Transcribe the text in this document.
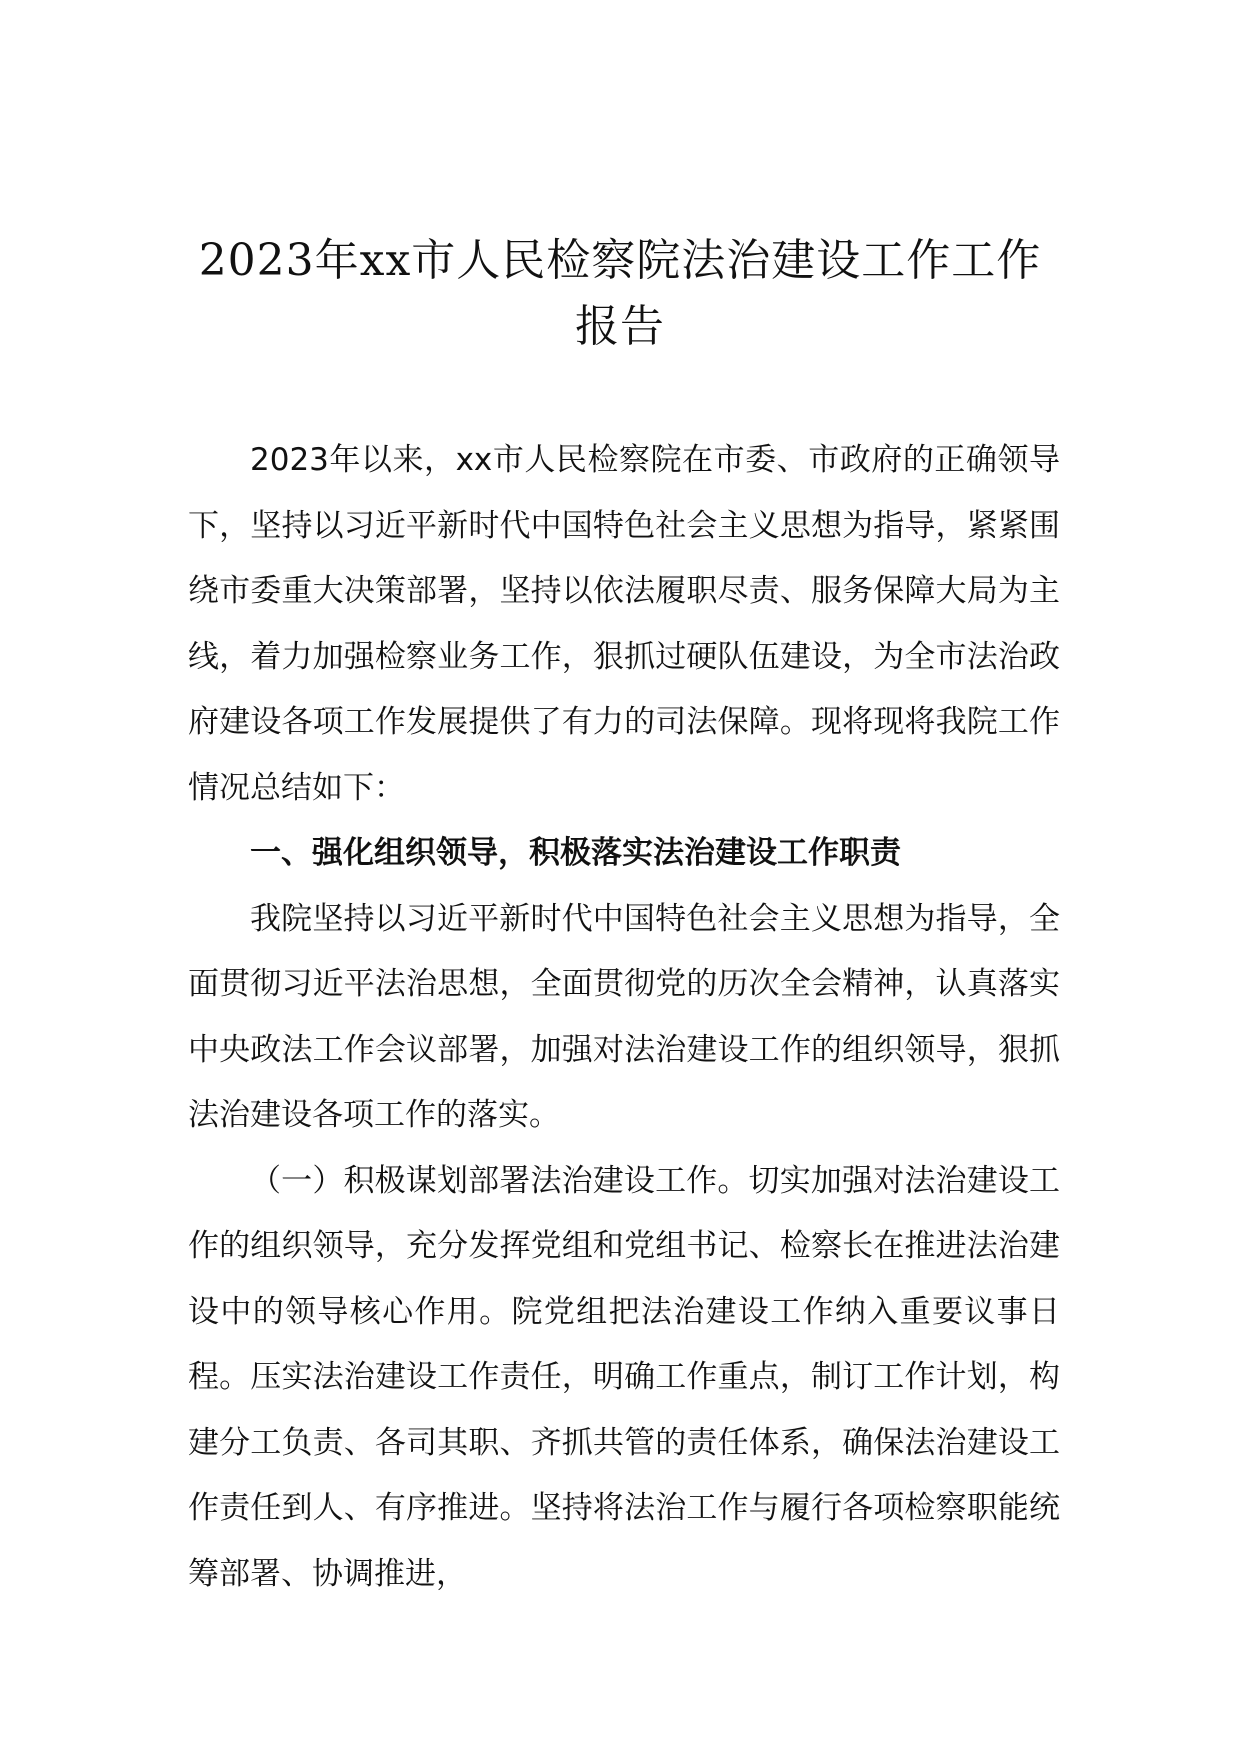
2023年xx市人民检察院法治建设工作工作
报告

2023年以来，xx市人民检察院在市委、市政府的正确领导下，坚持以习近平新时代中国特色社会主义思想为指导，紧紧围绕市委重大决策部署，坚持以依法履职尽责、服务保障大局为主线，着力加强检察业务工作，狠抓过硬队伍建设，为全市法治政府建设各项工作发展提供了有力的司法保障。现将现将我院工作情况总结如下：

一、强化组织领导，积极落实法治建设工作职责

我院坚持以习近平新时代中国特色社会主义思想为指导，全面贯彻习近平法治思想，全面贯彻党的历次全会精神，认真落实中央政法工作会议部署，加强对法治建设工作的组织领导，狠抓法治建设各项工作的落实。

（一）积极谋划部署法治建设工作。切实加强对法治建设工作的组织领导，充分发挥党组和党组书记、检察长在推进法治建设中的领导核心作用。院党组把法治建设工作纳入重要议事日程。压实法治建设工作责任，明确工作重点，制订工作计划，构建分工负责、各司其职、齐抓共管的责任体系，确保法治建设工作责任到人、有序推进。坚持将法治工作与履行各项检察职能统筹部署、协调推进，
